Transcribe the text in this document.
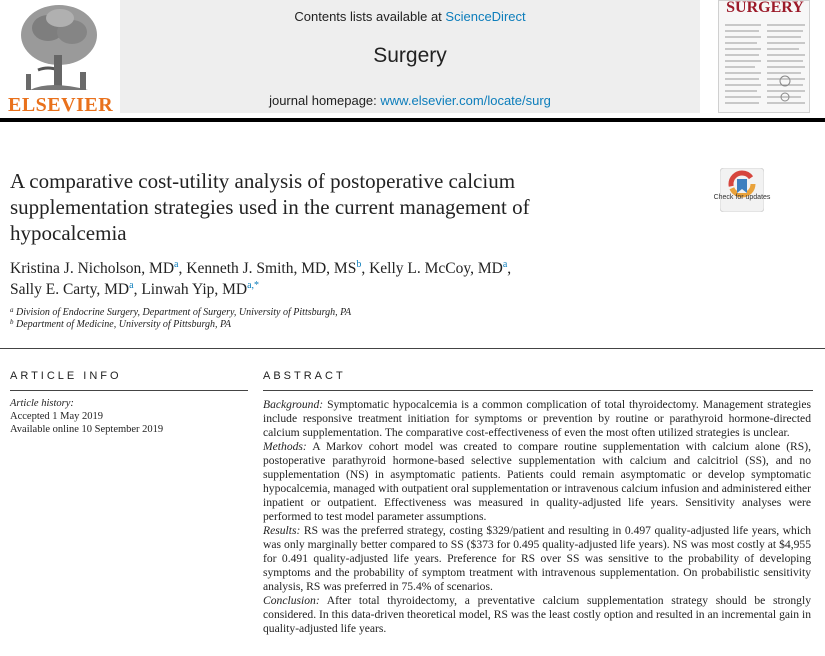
ELSEVIER
Contents lists available at ScienceDirect
Surgery
journal homepage: www.elsevier.com/locate/surg
SURGERY
A comparative cost-utility analysis of postoperative calcium supplementation strategies used in the current management of hypocalcemia
Check for updates
Kristina J. Nicholson, $MD^a$, Kenneth J. Smith, MD, $MS^b$, Kelly L. McCoy, $MD^a$,
Sally E. Carty, $MD^a$, Linwah Yip, $MD^{a,*}$
$^a$ Division of Endocrine Surgery, Department of Surgery, University of Pittsburgh, PA
$^b$ Department of Medicine, University of Pittsburgh, PA
ARTICLE INFO
Article history:
Accepted 1 May 2019
Available online 10 September 2019
ABSTRACT

Background: Symptomatic hypocalcemia is a common complication of total thyroidectomy. Management strategies include responsive treatment initiation for symptoms or prevention by routine or parathyroid hormone-directed calcium supplementation. The comparative cost-effectiveness of even the most often utilized strategies is unclear.

Methods: A Markov cohort model was created to compare routine supplementation with calcium alone (RS), postoperative parathyroid hormone-based selective supplementation with calcium and calcitriol (SS), and no supplementation (NS) in asymptomatic patients. Patients could remain asymptomatic or develop symptomatic hypocalcemia, managed with outpatient oral supplementation or intravenous calcium infusion and administered either inpatient or outpatient. Effectiveness was measured in quality-adjusted life years. Sensitivity analyses were performed to test model parameter assumptions.

Results: RS was the preferred strategy, costing $329/patient and resulting in 0.497 quality-adjusted life years, which was only marginally better compared to SS ($373 for 0.495 quality-adjusted life years). NS was most costly at $4,955 for 0.491 quality-adjusted life years. Preference for RS over SS was sensitive to the probability of developing symptoms and the probability of symptom treatment with intravenous supplementation. On probabilistic sensitivity analysis, RS was preferred in 75.4% of scenarios.

Conclusion: After total thyroidectomy, a preventative calcium supplementation strategy should be strongly considered. In this data-driven theoretical model, RS was the least costly option and resulted in an incremental gain in quality-adjusted life years.
